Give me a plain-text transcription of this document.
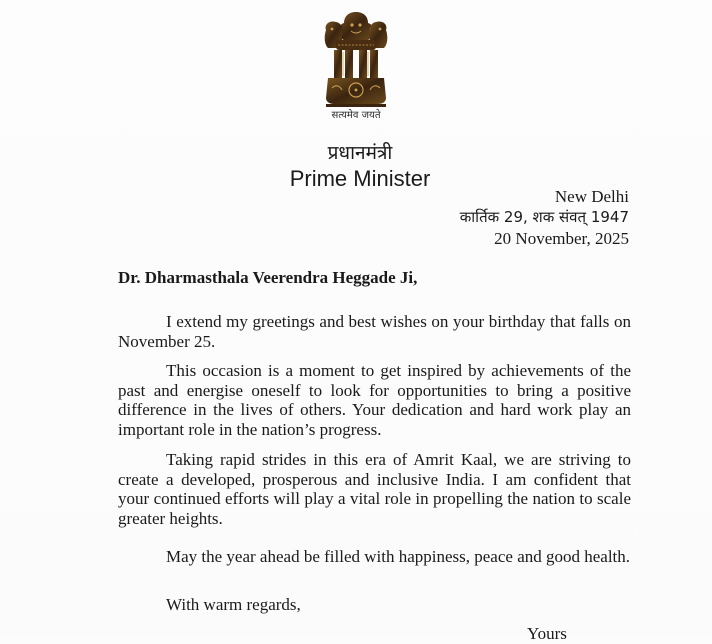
सत्यमेव जयते
प्रधानमंत्री
Prime Minister
New Delhi
कार्तिक 29, शक संवत् 1947
20 November, 2025
Dr. Dharmasthala Veerendra Heggade Ji,

I extend my greetings and best wishes on your birthday that falls on November 25.

This occasion is a moment to get inspired by achievements of the past and energise oneself to look for opportunities to bring a positive difference in the lives of others. Your dedication and hard work play an important role in the nation’s progress.

Taking rapid strides in this era of Amrit Kaal, we are striving to create a developed, prosperous and inclusive India. I am confident that your continued efforts will play a vital role in propelling the nation to scale greater heights.

May the year ahead be filled with happiness, peace and good health.

With warm regards,
Yours
